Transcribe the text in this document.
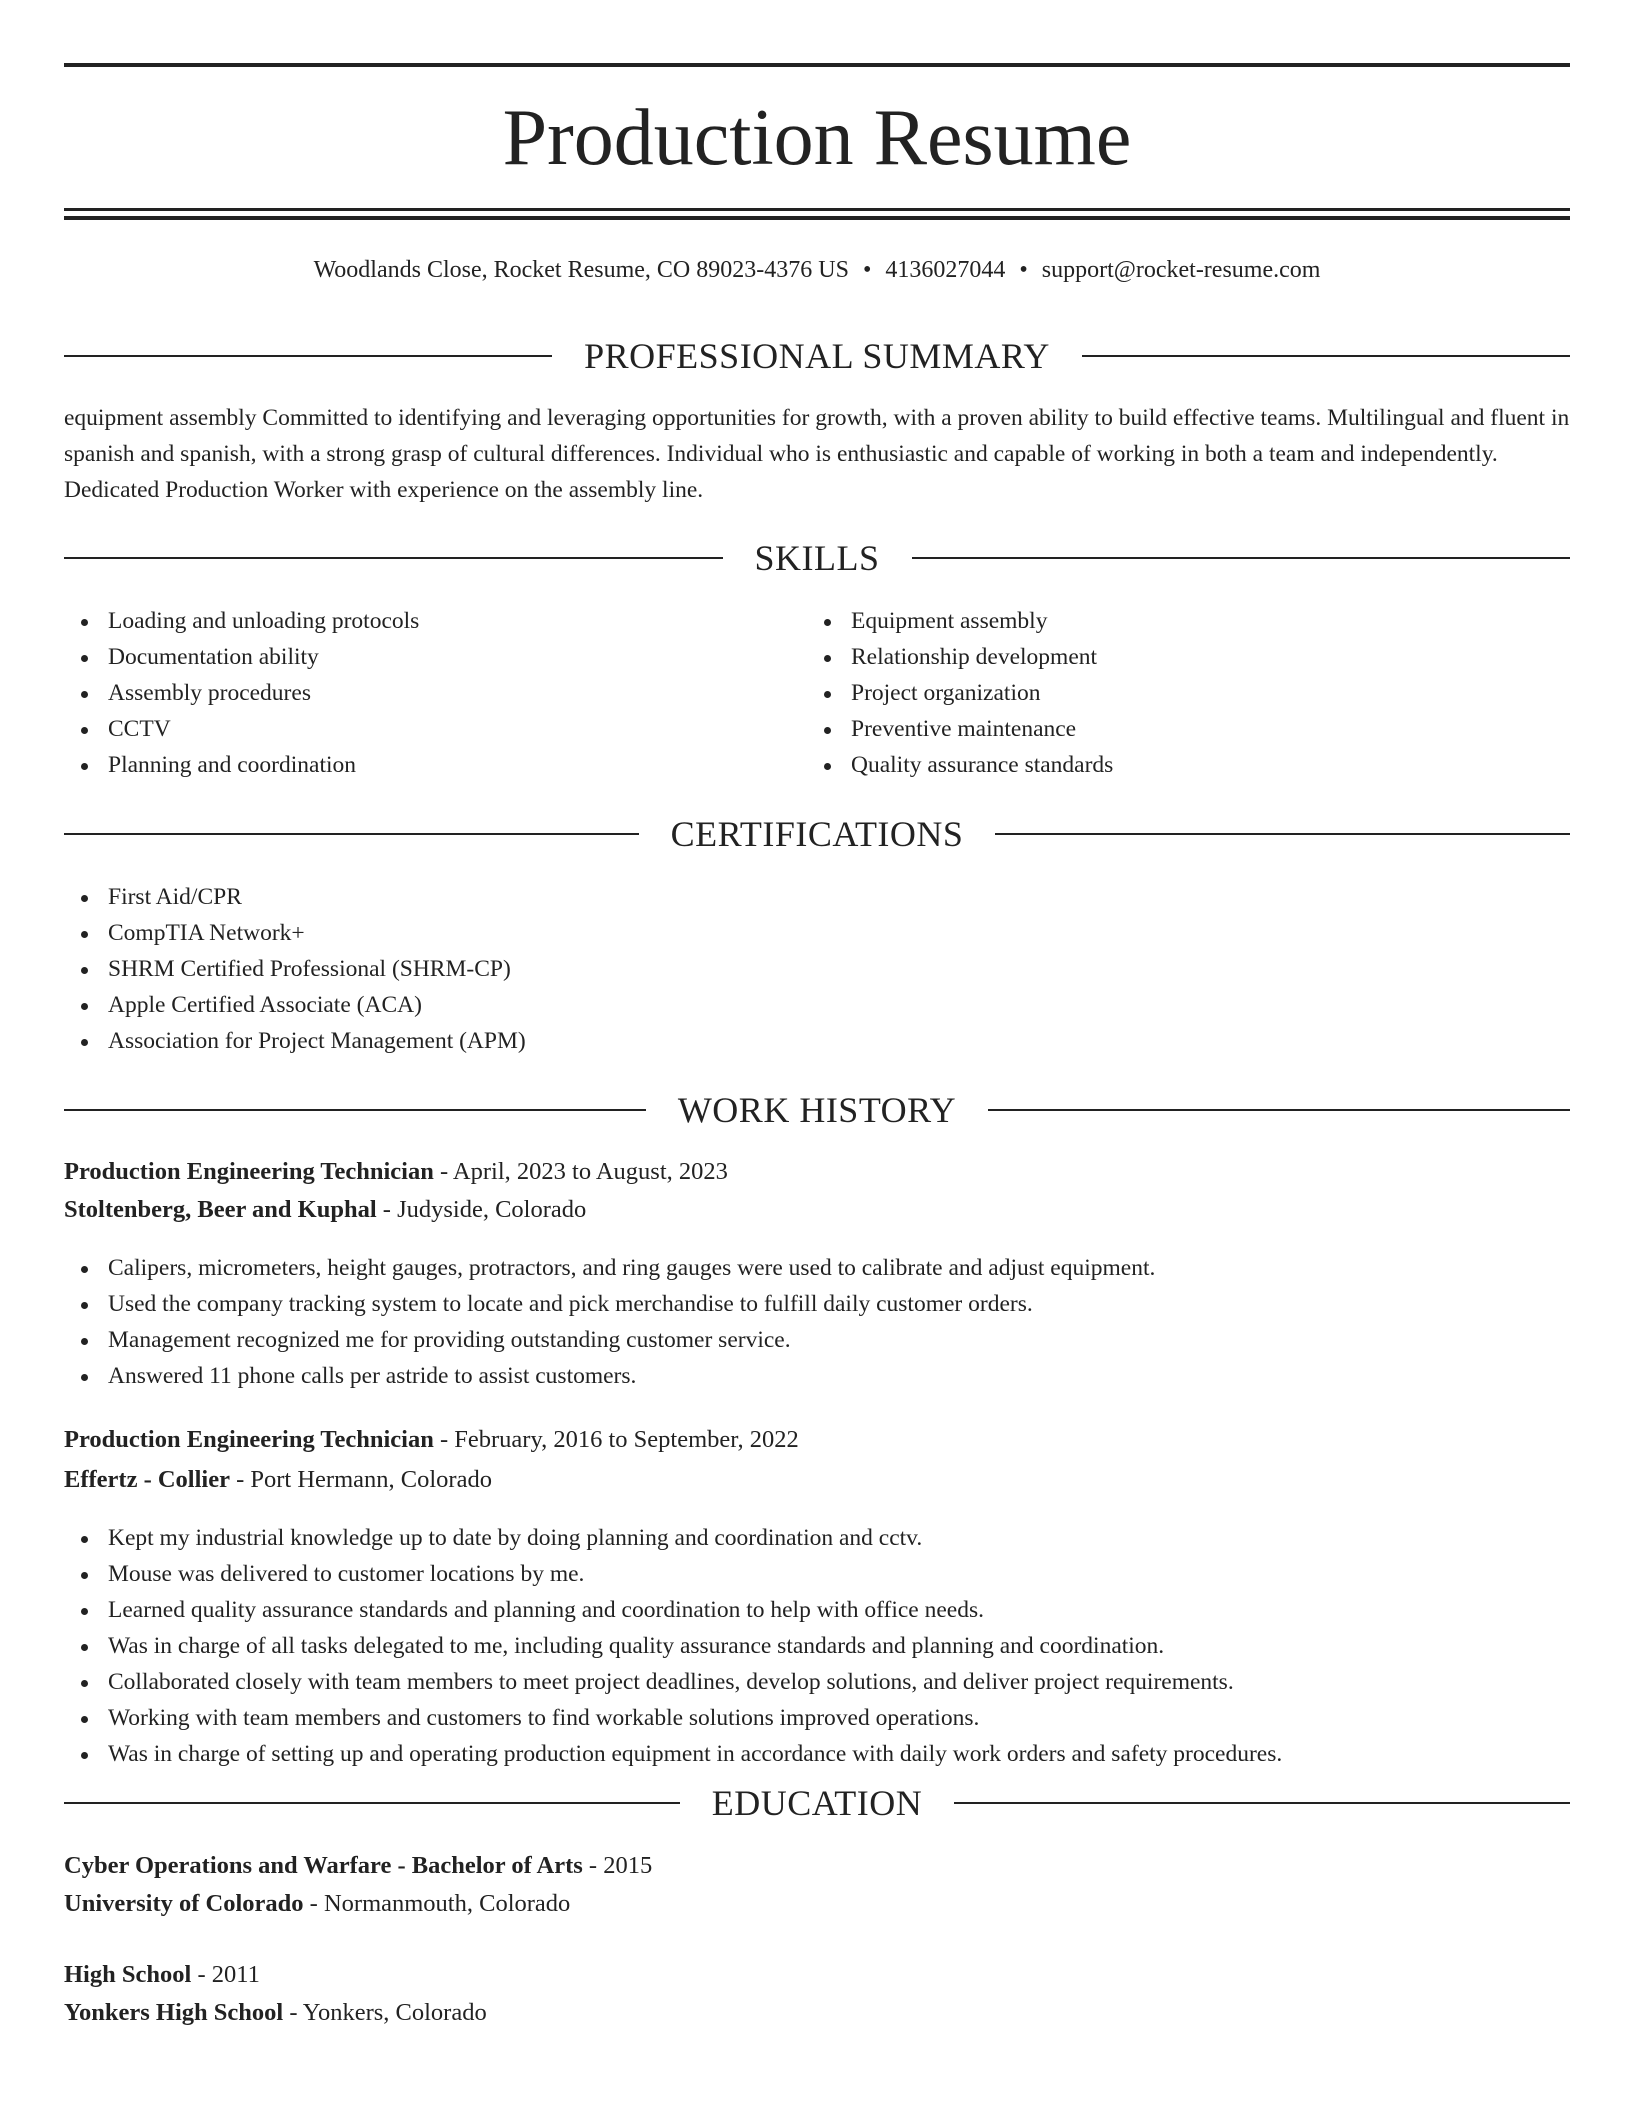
Production Resume
Woodlands Close, Rocket Resume, CO 89023-4376 US • 4136027044 • support@rocket-resume.com
PROFESSIONAL SUMMARY

equipment assembly Committed to identifying and leveraging opportunities for growth, with a proven ability to build effective teams. Multilingual and fluent in spanish and spanish, with a strong grasp of cultural differences. Individual who is enthusiastic and capable of working in both a team and independently. Dedicated Production Worker with experience on the assembly line.

SKILLS
Loading and unloading protocols
Documentation ability
Assembly procedures
CCTV
Planning and coordination
Equipment assembly
Relationship development
Project organization
Preventive maintenance
Quality assurance standards
CERTIFICATIONS
First Aid/CPR
CompTIA Network+
SHRM Certified Professional (SHRM-CP)
Apple Certified Associate (ACA)
Association for Project Management (APM)
WORK HISTORY
Production Engineering Technician - April, 2023 to August, 2023
Stoltenberg, Beer and Kuphal - Judyside, Colorado
Calipers, micrometers, height gauges, protractors, and ring gauges were used to calibrate and adjust equipment.
Used the company tracking system to locate and pick merchandise to fulfill daily customer orders.
Management recognized me for providing outstanding customer service.
Answered 11 phone calls per astride to assist customers.
Production Engineering Technician - February, 2016 to September, 2022
Effertz - Collier - Port Hermann, Colorado
Kept my industrial knowledge up to date by doing planning and coordination and cctv.
Mouse was delivered to customer locations by me.
Learned quality assurance standards and planning and coordination to help with office needs.
Was in charge of all tasks delegated to me, including quality assurance standards and planning and coordination.
Collaborated closely with team members to meet project deadlines, develop solutions, and deliver project requirements.
Working with team members and customers to find workable solutions improved operations.
Was in charge of setting up and operating production equipment in accordance with daily work orders and safety procedures.
EDUCATION
Cyber Operations and Warfare - Bachelor of Arts - 2015
University of Colorado - Normanmouth, Colorado
High School - 2011
Yonkers High School - Yonkers, Colorado
